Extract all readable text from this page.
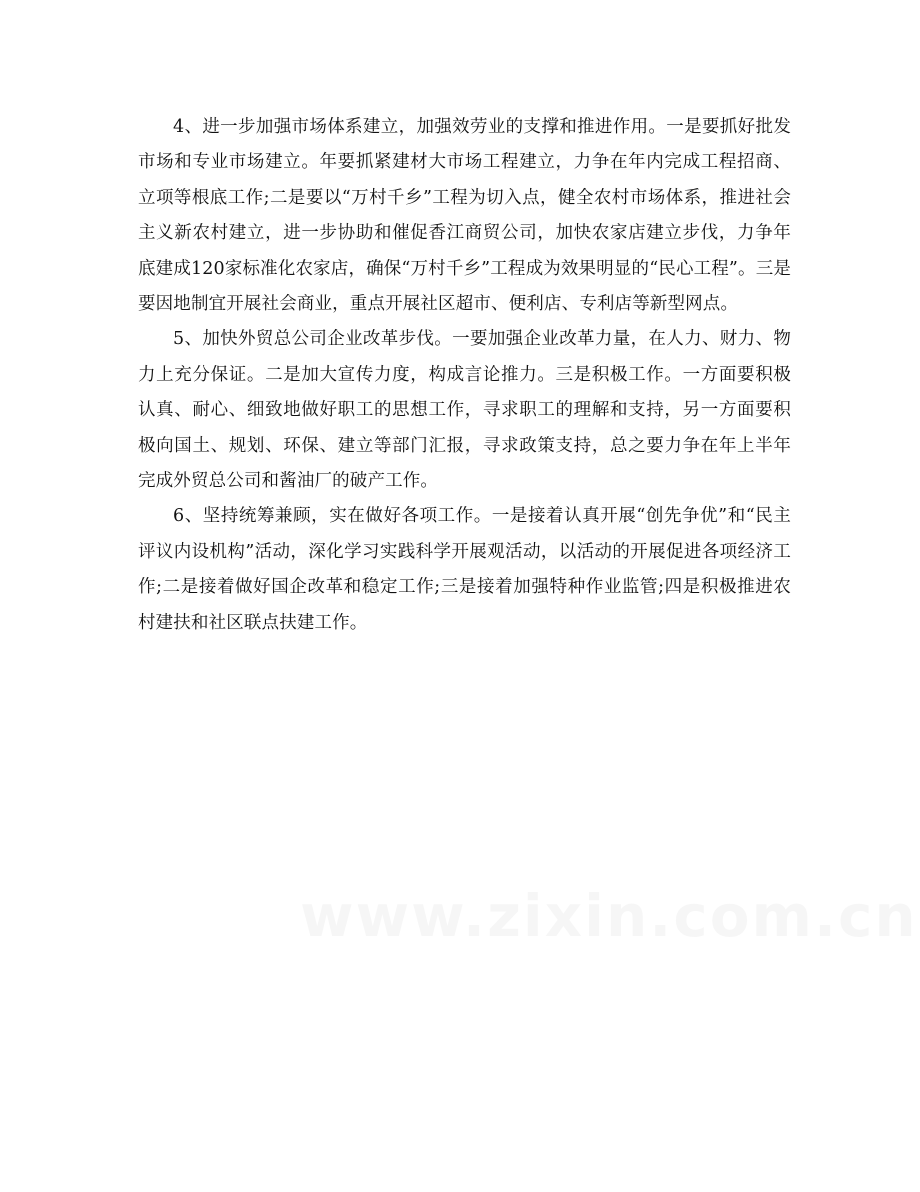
4、进一步加强市场体系建立，加强效劳业的支撑和推进作用。一是要抓好批发市场和专业市场建立。年要抓紧建材大市场工程建立，力争在年内完成工程招商、立项等根底工作;二是要以“万村千乡”工程为切入点，健全农村市场体系，推进社会主义新农村建立，进一步协助和催促香江商贸公司，加快农家店建立步伐，力争年底建成120家标准化农家店，确保“万村千乡”工程成为效果明显的“民心工程”。三是要因地制宜开展社会商业，重点开展社区超市、便利店、专利店等新型网点。

5、加快外贸总公司企业改革步伐。一要加强企业改革力量，在人力、财力、物力上充分保证。二是加大宣传力度，构成言论推力。三是积极工作。一方面要积极认真、耐心、细致地做好职工的思想工作，寻求职工的理解和支持，另一方面要积极向国土、规划、环保、建立等部门汇报，寻求政策支持，总之要力争在年上半年完成外贸总公司和酱油厂的破产工作。

6、坚持统筹兼顾，实在做好各项工作。一是接着认真开展“创先争优”和“民主评议内设机构”活动，深化学习实践科学开展观活动，以活动的开展促进各项经济工作;二是接着做好国企改革和稳定工作;三是接着加强特种作业监管;四是积极推进农村建扶和社区联点扶建工作。
